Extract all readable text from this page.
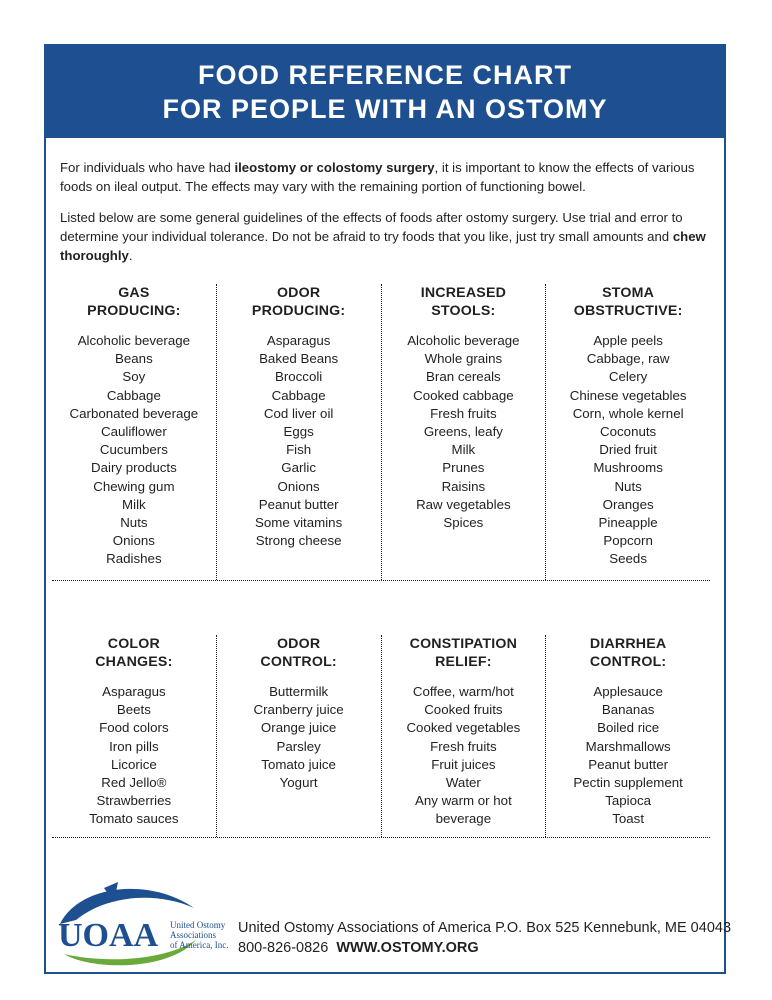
FOOD REFERENCE CHART
FOR PEOPLE WITH AN OSTOMY

For individuals who have had ileostomy or colostomy surgery, it is important to know the effects of various foods on ileal output. The effects may vary with the remaining portion of functioning bowel.

Listed below are some general guidelines of the effects of foods after ostomy surgery. Use trial and error to determine your individual tolerance. Do not be afraid to try foods that you like, just try small amounts and chew thoroughly.

GAS
PRODUCING:
Alcoholic beverage
Beans
Soy
Cabbage
Carbonated beverage
Cauliflower
Cucumbers
Dairy products
Chewing gum
Milk
Nuts
Onions
Radishes
ODOR
PRODUCING:
Asparagus
Baked Beans
Broccoli
Cabbage
Cod liver oil
Eggs
Fish
Garlic
Onions
Peanut butter
Some vitamins
Strong cheese
INCREASED
STOOLS:
Alcoholic beverage
Whole grains
Bran cereals
Cooked cabbage
Fresh fruits
Greens, leafy
Milk
Prunes
Raisins
Raw vegetables
Spices
STOMA
OBSTRUCTIVE:
Apple peels
Cabbage, raw
Celery
Chinese vegetables
Corn, whole kernel
Coconuts
Dried fruit
Mushrooms
Nuts
Oranges
Pineapple
Popcorn
Seeds
COLOR
CHANGES:
Asparagus
Beets
Food colors
Iron pills
Licorice
Red Jello®
Strawberries
Tomato sauces
ODOR
CONTROL:
Buttermilk
Cranberry juice
Orange juice
Parsley
Tomato juice
Yogurt
CONSTIPATION
RELIEF:
Coffee, warm/hot
Cooked fruits
Cooked vegetables
Fresh fruits
Fruit juices
Water
Any warm or hot
beverage
DIARRHEA
CONTROL:
Applesauce
Bananas
Boiled rice
Marshmallows
Peanut butter
Pectin supplement
Tapioca
Toast
UOAA United Ostomy
Associations
of America, Inc.
United Ostomy Associations of America P.O. Box 525 Kennebunk, ME 04043
800-826-0826 WWW.OSTOMY.ORG
